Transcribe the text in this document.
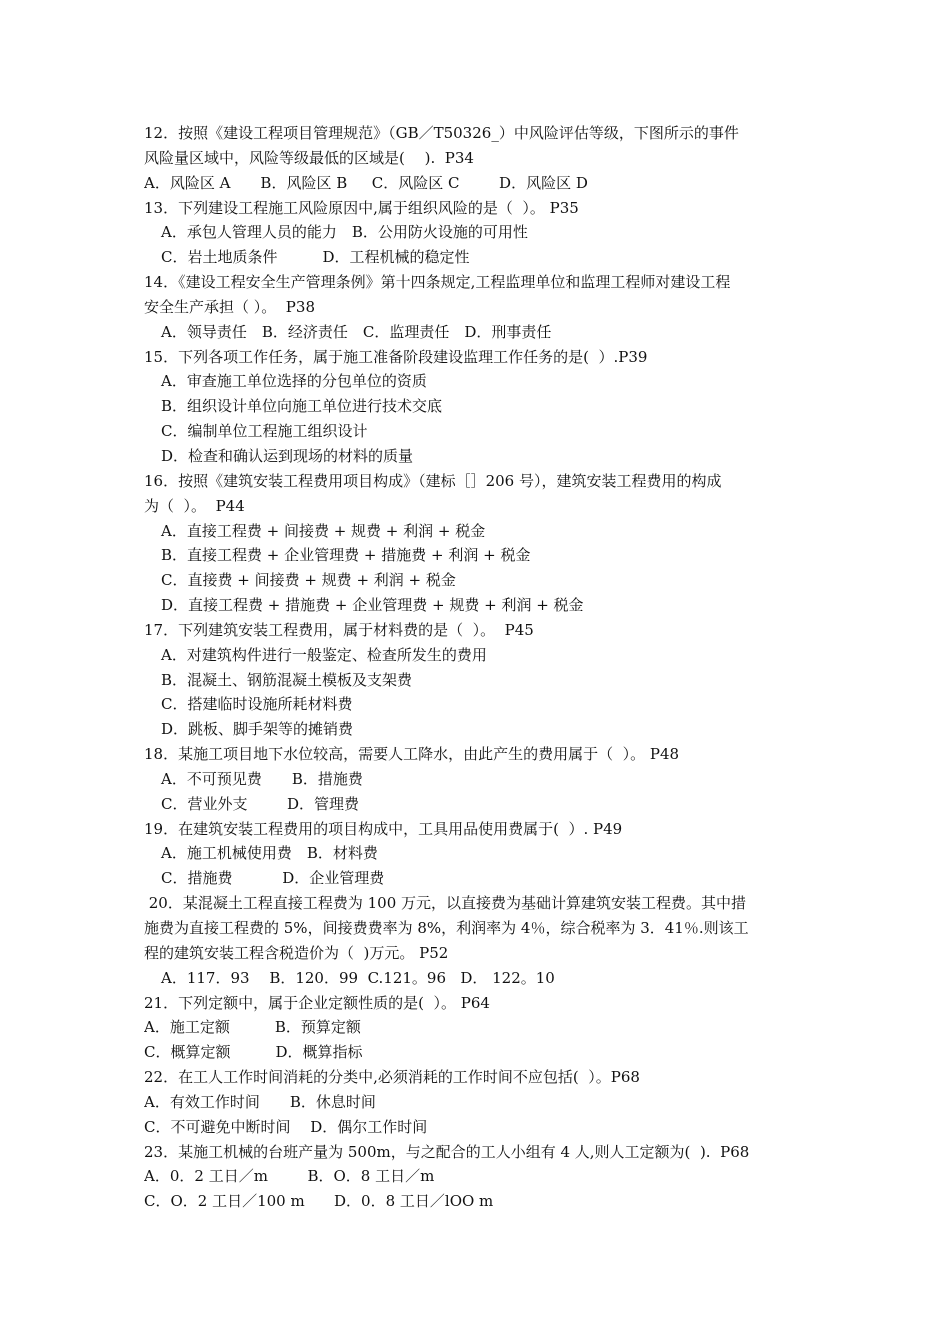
12．按照《建设工程项目管理规范》（GB／T50326_）中风险评估等级，下图所示的事件
风险量区域中，风险等级最低的区域是(　 ).  P34
A．风险区 A　　B．风险区 B　  C．风险区 C　　  D．风险区 D
13．下列建设工程施工风险原因中,属于组织风险的是（  ）。 P35
A．承包人管理人员的能力　B．公用防火设施的可用性
C．岩土地质条件　　　D．工程机械的稳定性
14．《建设工程安全生产管理条例》第十四条规定,工程监理单位和监理工程师对建设工程
安全生产承担（ ）。  P38
A．领导责任　B．经济责任　C．监理责任　D．刑事责任
15．下列各项工作任务，属于施工准备阶段建设监理工作任务的是(  ）.P39
A．审查施工单位选择的分包单位的资质
B．组织设计单位向施工单位进行技术交底
C．编制单位工程施工组织设计
D．检查和确认运到现场的材料的质量
16．按照《建筑安装工程费用项目构成》（建标［］206 号），建筑安装工程费用的构成
为（  ）。  P44
A．直接工程费 + 间接费 + 规费 + 利润 + 税金
B．直接工程费 + 企业管理费 + 措施费 + 利润 + 税金
C．直接费 + 间接费 + 规费 + 利润 + 税金
D．直接工程费 + 措施费 + 企业管理费 + 规费 + 利润 + 税金
17．下列建筑安装工程费用，属于材料费的是（  ）。  P45
A．对建筑构件进行一般鉴定、检查所发生的费用
B．混凝土、钢筋混凝土模板及支架费
C．搭建临时设施所耗材料费
D．跳板、脚手架等的摊销费
18．某施工项目地下水位较高，需要人工降水，由此产生的费用属于（  ）。 P48
A．不可预见费　　B．措施费
C．营业外支　　  D．管理费
19．在建筑安装工程费用的项目构成中，工具用品使用费属于(  ）. P49
A．施工机械使用费　B．材料费
C．措施费　　　 D．企业管理费
20．某混凝土工程直接工程费为 100 万元，以直接费为基础计算建筑安装工程费。其中措
施费为直接工程费的 5%，间接费费率为 8%，利润率为 4％，综合税率为 3．41％.则该工
程的建筑安装工程含税造价为（  )万元。 P52
A．117．93　 B．120．99  C.121。96   D． 122。10
21．下列定额中，属于企业定额性质的是(  ）。 P64
A．施工定额　　　B．预算定额
C．概算定额　　　D．概算指标
22．在工人工作时间消耗的分类中,必须消耗的工作时间不应包括(  ）。P68
A．有效工作时间　　B．休息时间
C．不可避免中断时间　 D．偶尔工作时间
23．某施工机械的台班产量为 500m，与之配合的工人小组有 4 人,则人工定额为(  ).  P68
A．0．2 工日／m　　  B．O．8 工日／m
C．O．2 工日／100 m　   D．0．8 工日／lOO m
